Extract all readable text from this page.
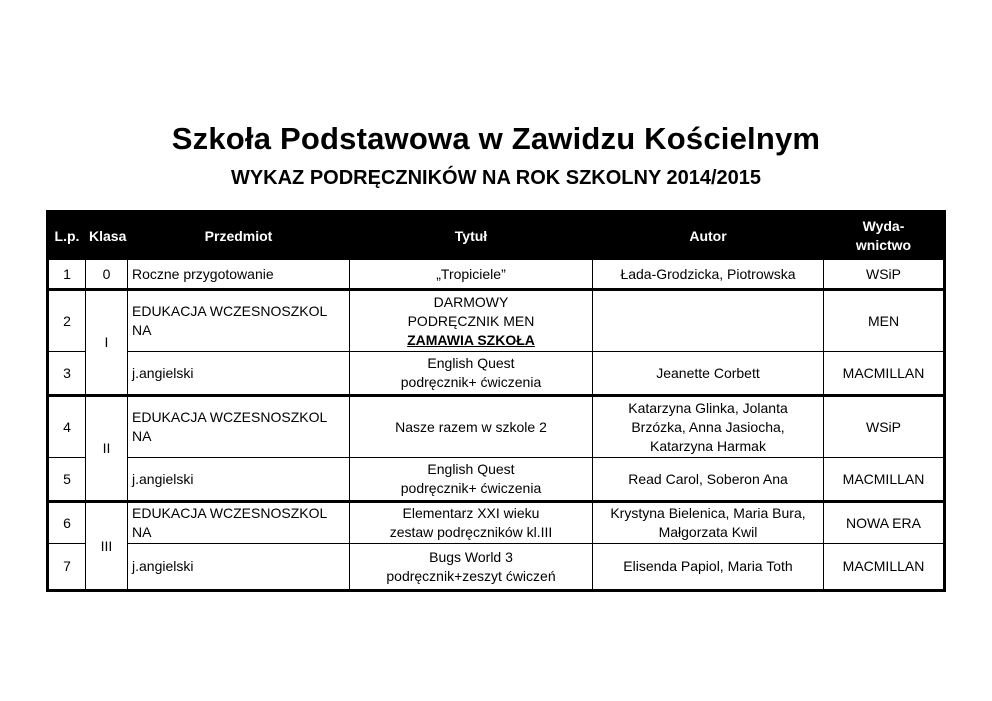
Szkoła Podstawowa w Zawidzu Kościelnym
WYKAZ PODRĘCZNIKÓW NA ROK SZKOLNY 2014/2015
L.p.	Klasa	Przedmiot	Tytuł	Autor	Wyda-
wnictwo

1	0	Roczne przygotowanie	„Tropiciele”	Łada-Grodzicka, Piotrowska	WSiP
2	I	EDUKACJA WCZESNOSZKOL NA	DARMOWY
PODRĘCZNIK MEN
ZAMAWIA SZKOŁA		MEN
3		j.angielski	English Quest
podręcznik+ ćwiczenia	Jeanette Corbett	MACMILLAN
4	II	EDUKACJA WCZESNOSZKOL NA	Nasze razem w szkole 2	Katarzyna Glinka, Jolanta
Brzózka, Anna Jasiocha,
Katarzyna Harmak	WSiP
5		j.angielski	English Quest
podręcznik+ ćwiczenia	Read Carol, Soberon Ana	MACMILLAN
6	III	EDUKACJA WCZESNOSZKOL NA	Elementarz XXI wieku
zestaw podręczników kl.III	Krystyna Bielenica, Maria Bura,
Małgorzata Kwil	NOWA ERA
7		j.angielski	Bugs World 3
podręcznik+zeszyt ćwiczeń	Elisenda Papiol, Maria Toth	MACMILLAN
